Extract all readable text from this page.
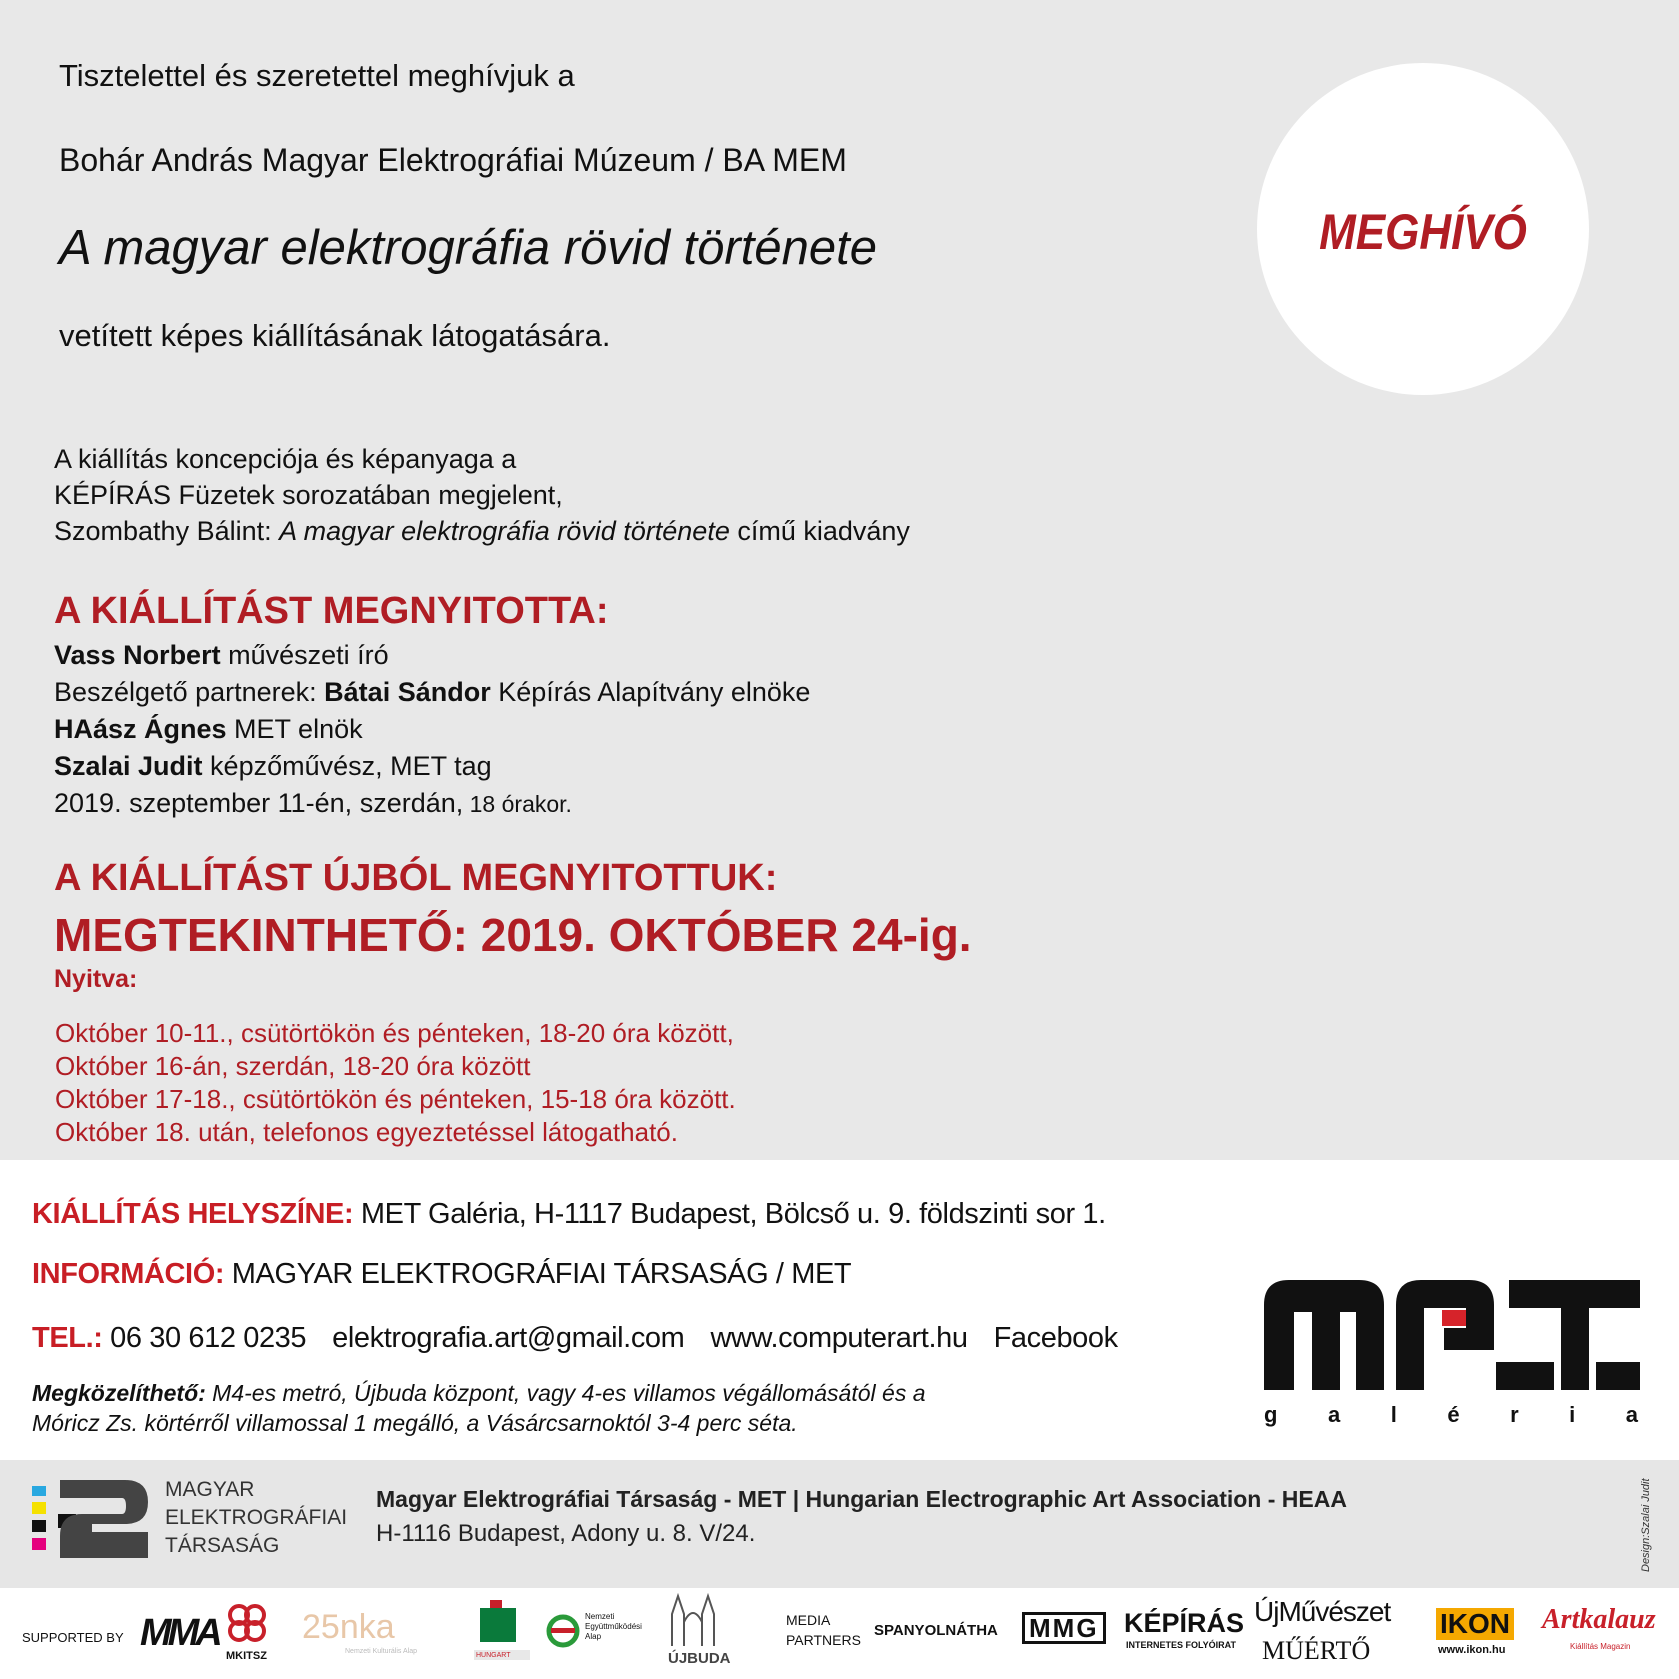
Tisztelettel és szeretettel meghívjuk a
Bohár András Magyar Elektrográfiai Múzeum / BA MEM
A magyar elektrográfia rövid története
vetített képes kiállításának látogatására.
MEGHÍVÓ
A kiállítás koncepciója és képanyaga a
KÉPÍRÁS Füzetek sorozatában megjelent,
Szombathy Bálint: A magyar elektrográfia rövid története című kiadvány
A KIÁLLÍTÁST MEGNYITOTTA:
Vass Norbert művészeti író
Beszélgető partnerek: Bátai Sándor Képírás Alapítvány elnöke
HAász Ágnes MET elnök
Szalai Judit képzőművész, MET tag
2019. szeptember 11-én, szerdán, 18 órakor.
A KIÁLLÍTÁST ÚJBÓL MEGNYITOTTUK:
MEGTEKINTHETŐ: 2019. OKTÓBER 24-ig.
Nyitva:
Október 10-11., csütörtökön és pénteken, 18-20 óra között,
Október 16-án, szerdán, 18-20 óra között
Október 17-18., csütörtökön és pénteken, 15-18 óra között.
Október 18. után, telefonos egyeztetéssel látogatható.
KIÁLLÍTÁS HELYSZÍNE: MET Galéria, H-1117 Budapest, Bölcső u. 9. földszinti sor 1.
INFORMÁCIÓ: MAGYAR ELEKTROGRÁFIAI TÁRSASÁG / MET
TEL.: 06 30 612 0235 elektrografia.art@gmail.com www.computerart.hu Facebook
Megközelíthető: M4-es metró, Újbuda központ, vagy 4-es villamos végállomásától és a
Móricz Zs. körtérről villamossal 1 megálló, a Vásárcsarnoktól 3-4 perc séta.	g a l é r i a
MAGYAR
ELEKTROGRÁFIAI
TÁRSASÁG
Magyar Elektrográfiai Társaság - MET | Hungarian Electrographic Art Association - HEAA
H-1116 Budapest, Adony u. 8. V/24.	Design:Szalai Judit
SUPPORTED BY MMA
MKITSZ
25nka
Nemzeti Kulturális Alap
HUNGART
Nemzeti Együttműködési Alap
ÚJBUDA
MEDIA
PARTNERS
SPANYOLNÁTHA MMG KÉPÍRÁS
INTERNETES FOLYÓIRAT
ÚjMűvészet
MŰÉRTŐ
IKON
www.ikon.hu
Artkalauz
Kiállítás Magazin
